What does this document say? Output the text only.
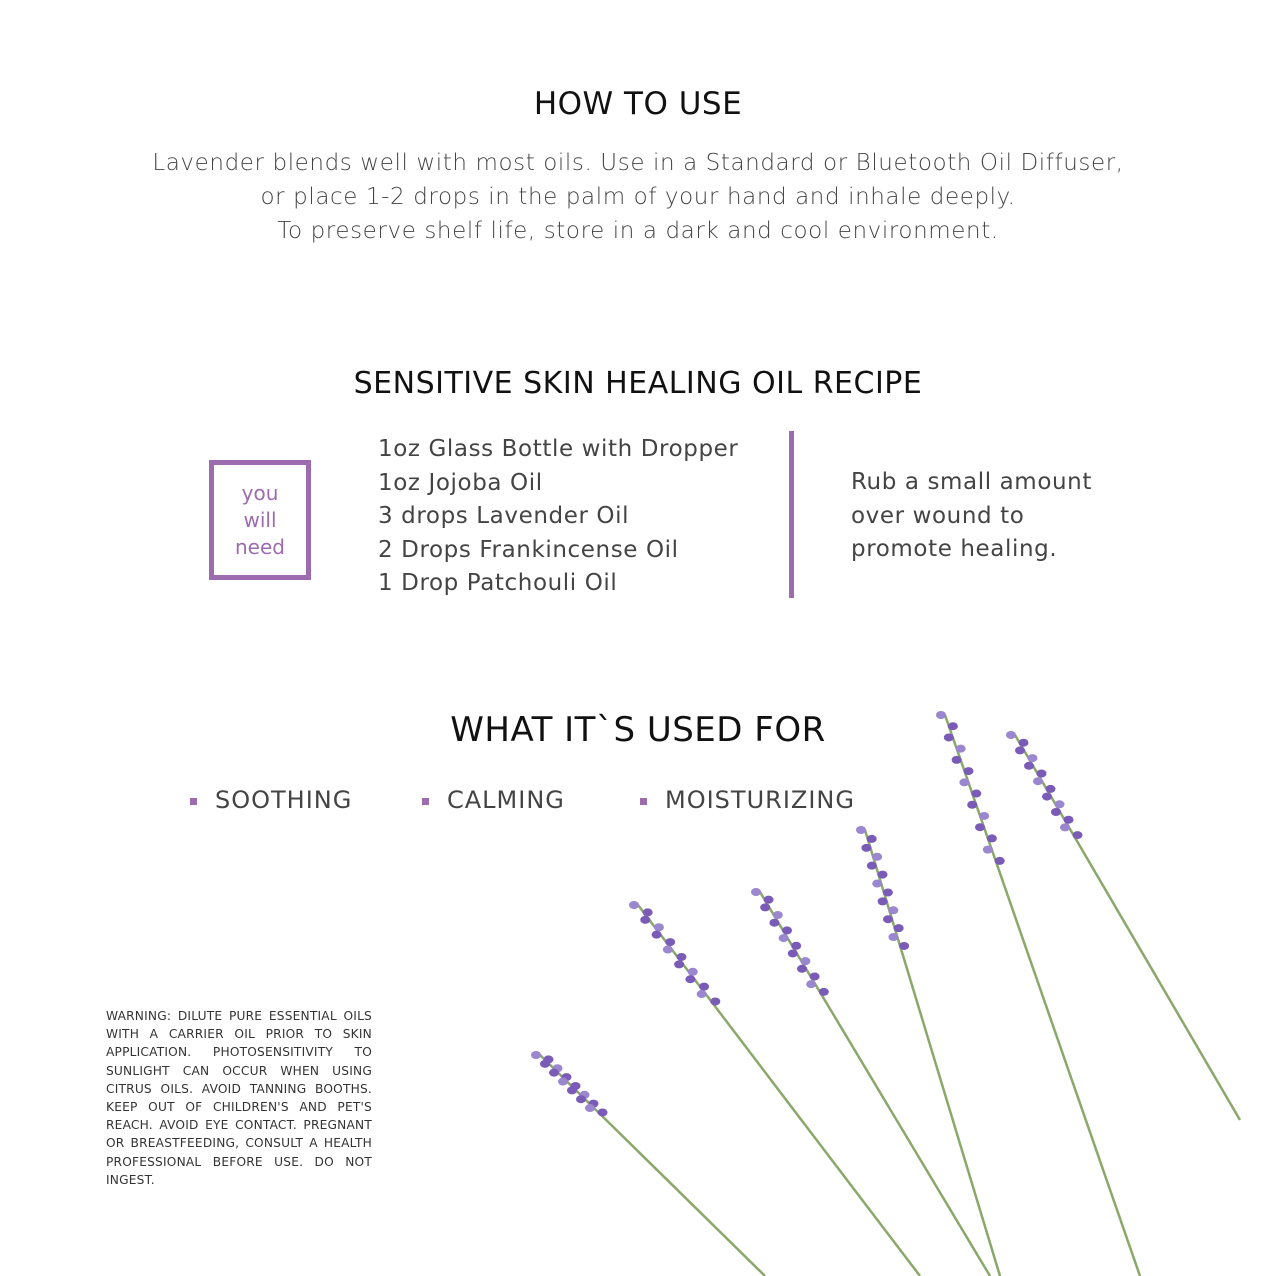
HOW TO USE
Lavender blends well with most oils. Use in a Standard or Bluetooth Oil Diffuser,
or place 1-2 drops in the palm of your hand and inhale deeply.
To preserve shelf life, store in a dark and cool environment.
SENSITIVE SKIN HEALING OIL RECIPE
you
will
need
1oz Glass Bottle with Dropper
1oz Jojoba Oil
3 drops Lavender Oil
2 Drops Frankincense Oil
1 Drop Patchouli Oil
Rub a small amount
over wound to
promote healing.
WHAT IT`S USED FOR
SOOTHING	CALMING	MOISTURIZING
WARNING: DILUTE PURE ESSENTIAL OILS WITH A CARRIER OIL PRIOR TO SKIN APPLICATION. PHOTOSENSITIVITY TO SUNLIGHT CAN OCCUR WHEN USING CITRUS OILS. AVOID TANNING BOOTHS. KEEP OUT OF CHILDREN'S AND PET'S REACH. AVOID EYE CONTACT. PREGNANT OR BREASTFEEDING, CONSULT A HEALTH PROFESSIONAL BEFORE USE. DO NOT INGEST.
